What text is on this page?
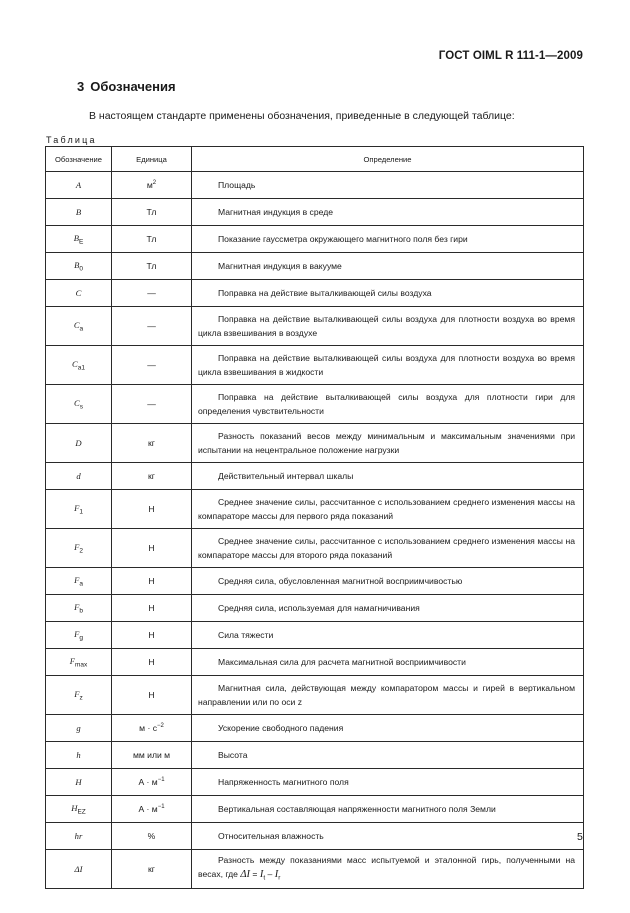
ГОСТ OIML R 111-1—2009
3 Обозначения
В настоящем стандарте применены обозначения, приведенные в следующей таблице:
Таблица
Обозначение	Единица	Определение
A	$м^2$	Площадь
B	Тл	Магнитная индукция в среде
$B_E$	Тл	Показание гауссметра окружающего магнитного поля без гири
$B_0$	Тл	Магнитная индукция в вакууме
C	—	Поправка на действие выталкивающей силы воздуха
$C_a$	—	Поправка на действие выталкивающей силы воздуха для плотности воздуха во время цикла взвешивания в воздухе
$C_{a1}$	—	Поправка на действие выталкивающей силы воздуха для плотности воздуха во время цикла взвешивания в жидкости
$C_s$	—	Поправка на действие выталкивающей силы воздуха для плотности гири для определения чувствительности
D	кг	Разность показаний весов между минимальным и максимальным значениями при испытании на нецентральное положение нагрузки
d	кг	Действительный интервал шкалы
$F_1$	Н	Среднее значение силы, рассчитанное с использованием среднего изменения массы на компараторе массы для первого ряда показаний
$F_2$	Н	Среднее значение силы, рассчитанное с использованием среднего изменения массы на компараторе массы для второго ряда показаний
$F_a$	Н	Средняя сила, обусловленная магнитной восприимчивостью
$F_b$	Н	Средняя сила, используемая для намагничивания
$F_g$	Н	Сила тяжести
$F_{max}$	Н	Максимальная сила для расчета магнитной восприимчивости
$F_z$	Н	Магнитная сила, действующая между компаратором массы и гирей в вертикальном направлении или по оси z
g	$м \cdot с^{-2}$	Ускорение свободного падения
h	мм или м	Высота
H	$А \cdot м^{-1}$	Напряженность магнитного поля
$H_{EZ}$	$А \cdot м^{-1}$	Вертикальная составляющая напряженности магнитного поля Земли
hr	%	Относительная влажность
ΔI	кг	Разность между показаниями масс испытуемой и эталонной гирь, полученными на весах, где $\Delta I = I_t - I_r$
5
